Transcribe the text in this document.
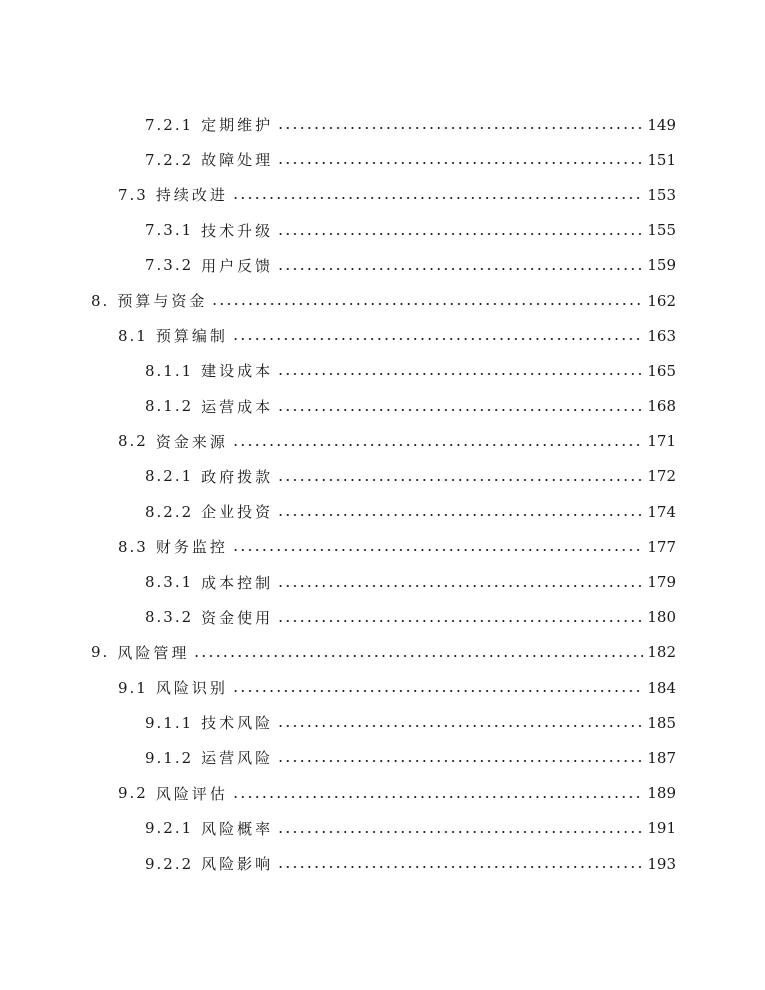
7.2.1 定期维护	149
7.2.2 故障处理	151
7.3 持续改进	153
7.3.1 技术升级	155
7.3.2 用户反馈	159
8. 预算与资金	162
8.1 预算编制	163
8.1.1 建设成本	165
8.1.2 运营成本	168
8.2 资金来源	171
8.2.1 政府拨款	172
8.2.2 企业投资	174
8.3 财务监控	177
8.3.1 成本控制	179
8.3.2 资金使用	180
9. 风险管理	182
9.1 风险识别	184
9.1.1 技术风险	185
9.1.2 运营风险	187
9.2 风险评估	189
9.2.1 风险概率	191
9.2.2 风险影响	193
